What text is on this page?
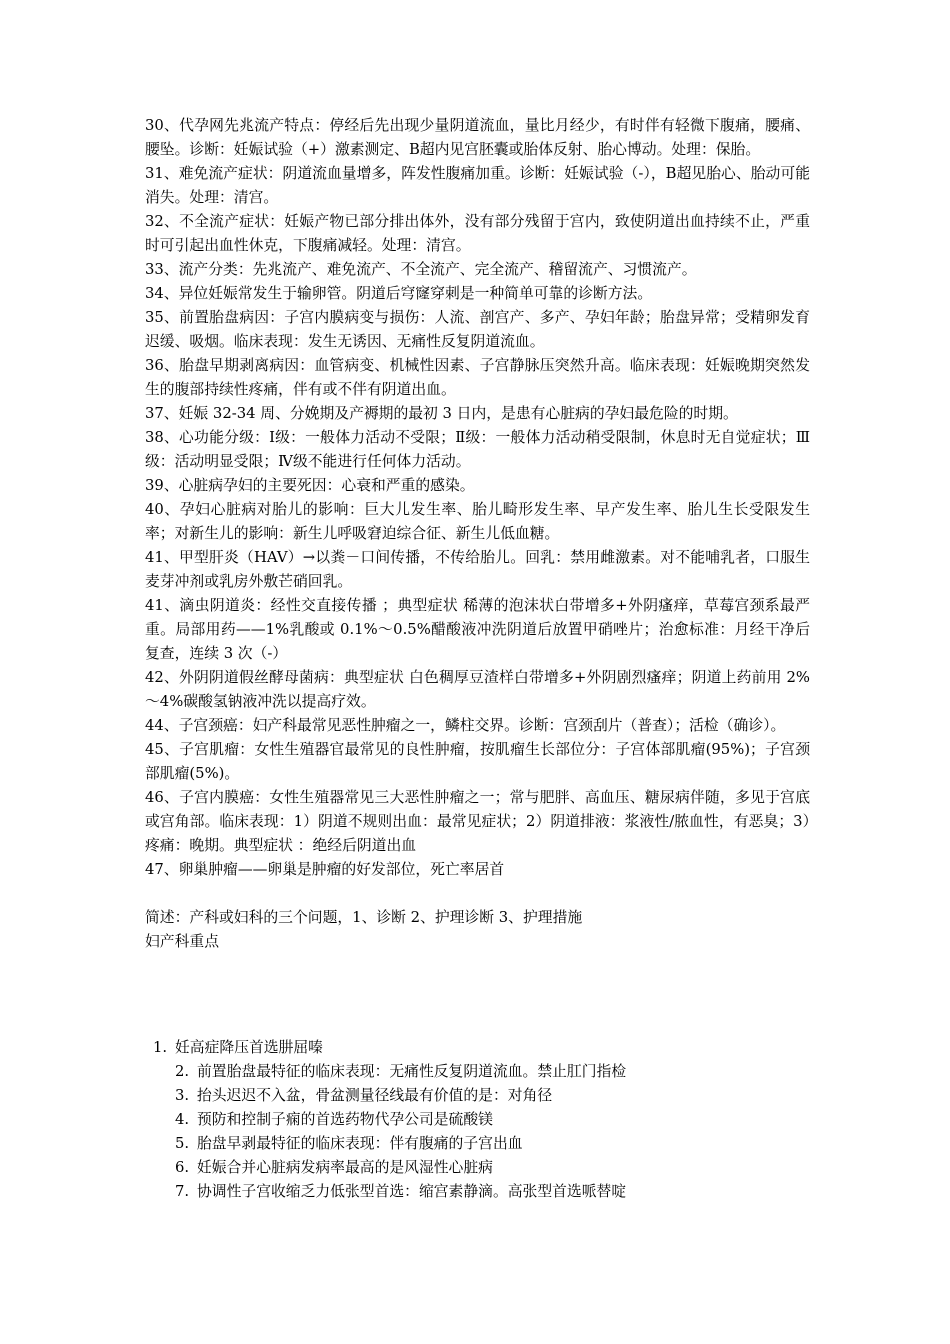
30、代孕网先兆流产特点：停经后先出现少量阴道流血，量比月经少，有时伴有轻微下腹痛，腰痛、腰坠。诊断：妊娠试验（+）激素测定、B超内见宫胚囊或胎体反射、胎心博动。处理：保胎。

31、难免流产症状：阴道流血量增多，阵发性腹痛加重。诊断：妊娠试验（-），B超见胎心、胎动可能消失。处理：清宫。

32、不全流产症状：妊娠产物已部分排出体外，没有部分残留于宫内，致使阴道出血持续不止，严重时可引起出血性休克，下腹痛减轻。处理：清宫。

33、流产分类：先兆流产、难免流产、不全流产、完全流产、稽留流产、习惯流产。

34、异位妊娠常发生于输卵管。阴道后穹窿穿刺是一种简单可靠的诊断方法。

35、前置胎盘病因：子宫内膜病变与损伤：人流、剖宫产、多产、孕妇年龄；胎盘异常；受精卵发育迟缓、吸烟。临床表现：发生无诱因、无痛性反复阴道流血。

36、胎盘早期剥离病因：血管病变、机械性因素、子宫静脉压突然升高。临床表现：妊娠晚期突然发生的腹部持续性疼痛，伴有或不伴有阴道出血。

37、妊娠 32-34 周、分娩期及产褥期的最初 3 日内，是患有心脏病的孕妇最危险的时期。

38、心功能分级：Ⅰ级：一般体力活动不受限；Ⅱ级：一般体力活动稍受限制，休息时无自觉症状；Ⅲ级：活动明显受限；Ⅳ级不能进行任何体力活动。

39、心脏病孕妇的主要死因：心衰和严重的感染。

40、孕妇心脏病对胎儿的影响：巨大儿发生率、胎儿畸形发生率、早产发生率、胎儿生长受限发生率；对新生儿的影响：新生儿呼吸窘迫综合征、新生儿低血糖。

41、甲型肝炎（HAV）→以粪－口间传播，不传给胎儿。回乳：禁用雌激素。对不能哺乳者，口服生麦芽冲剂或乳房外敷芒硝回乳。

41、滴虫阴道炎：经性交直接传播 ；典型症状 稀薄的泡沫状白带增多+外阴瘙痒，草莓宫颈系最严重。局部用药——1%乳酸或 0.1%～0.5%醋酸液冲洗阴道后放置甲硝唑片；治愈标准：月经干净后复查，连续 3 次（-）

42、外阴阴道假丝酵母菌病：典型症状 白色稠厚豆渣样白带增多+外阴剧烈瘙痒；阴道上药前用 2%～4%碳酸氢钠液冲洗以提高疗效。

44、子宫颈癌：妇产科最常见恶性肿瘤之一，鳞柱交界。诊断：宫颈刮片（普查）；活检（确诊）。

45、子宫肌瘤：女性生殖器官最常见的良性肿瘤，按肌瘤生长部位分：子宫体部肌瘤(95%)；子宫颈部肌瘤(5%)。

46、子宫内膜癌：女性生殖器常见三大恶性肿瘤之一；常与肥胖、高血压、糖尿病伴随，多见于宫底或宫角部。临床表现：1）阴道不规则出血：最常见症状；2）阴道排液：浆液性/脓血性，有恶臭；3）疼痛：晚期。典型症状 ：绝经后阴道出血

47、卵巢肿瘤——卵巢是肿瘤的好发部位，死亡率居首

简述：产科或妇科的三个问题，1、诊断 2、护理诊断 3、护理措施

妇产科重点

1. 妊高症降压首选肼屈嗪
2. 前置胎盘最特征的临床表现：无痛性反复阴道流血。禁止肛门指检
3. 抬头迟迟不入盆，骨盆测量径线最有价值的是：对角径
4. 预防和控制子痫的首选药物代孕公司是硫酸镁
5. 胎盘早剥最特征的临床表现：伴有腹痛的子宫出血
6. 妊娠合并心脏病发病率最高的是风湿性心脏病
7. 协调性子宫收缩乏力低张型首选：缩宫素静滴。高张型首选哌替啶
